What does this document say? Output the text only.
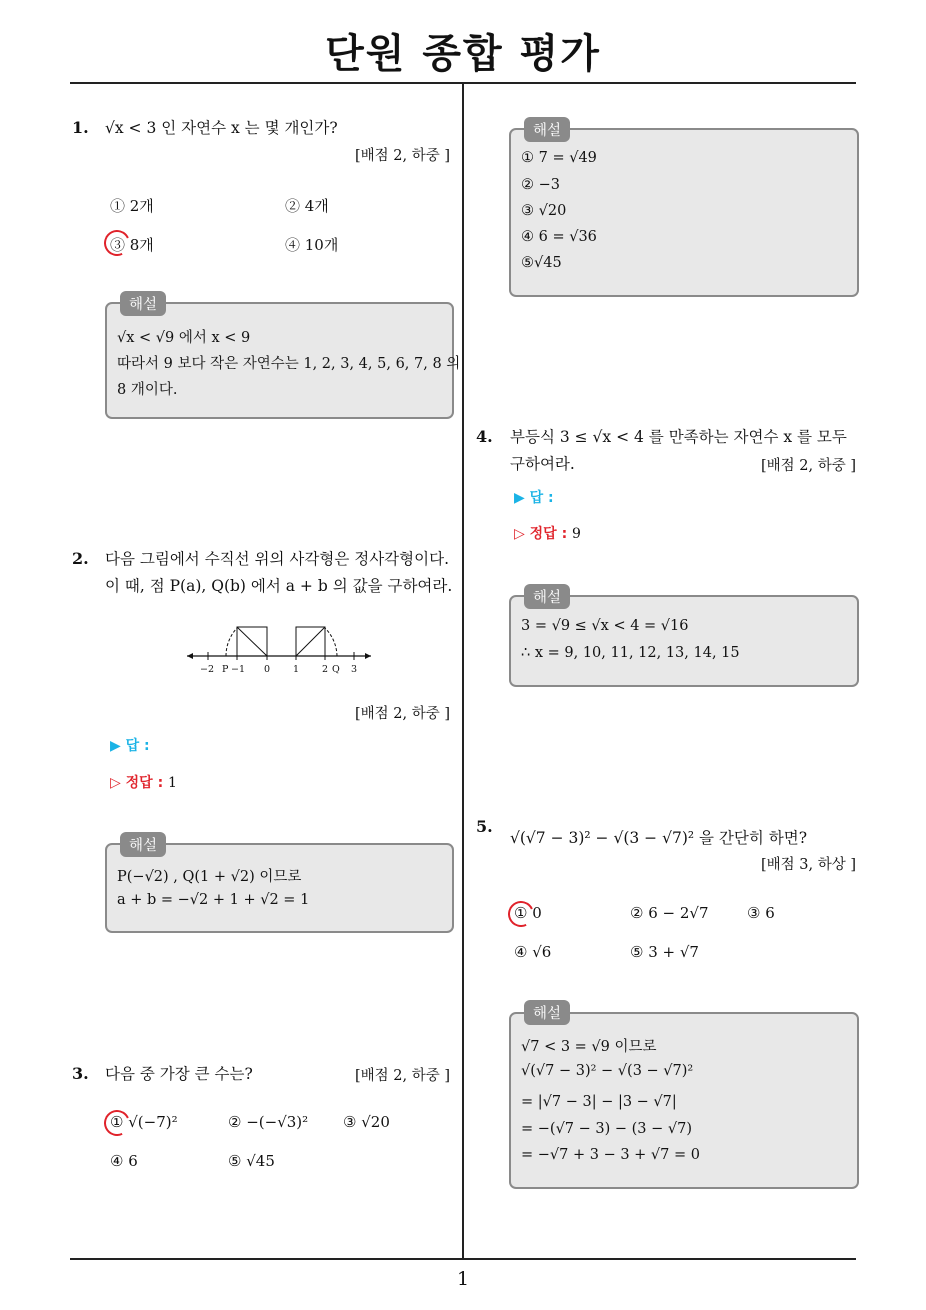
단원 종합 평가
1
1. √x < 3 인 자연수 x 는 몇 개인가?
[배점 2, 하중 ]
① 2개	② 4개
③ 8개	④ 10개
해설
√x < √9 에서 x < 9
따라서 9 보다 작은 자연수는 1, 2, 3, 4, 5, 6, 7, 8 의
8 개이다.
2. 다음 그림에서 수직선 위의 사각형은 정사각형이다.
이 때, 점 P(a), Q(b) 에서 a + b 의 값을 구하여라.
−2 P −1 0 1 2 Q 3
[배점 2, 하중 ]
▶ 답 :
▷ 정답 : 1
해설
P(−√2) , Q(1 + √2) 이므로
a + b = −√2 + 1 + √2 = 1
3. 다음 중 가장 큰 수는?	[배점 2, 하중 ]
① √(−7)²	② −(−√3)² ③ √20
④ 6	⑤ √45
해설
① 7 = √49
② −3
③ √20
④ 6 = √36
⑤√45
4. 부등식 3 ≤ √x < 4 를 만족하는 자연수 x 를 모두
구하여라.	[배점 2, 하중 ]
▶ 답 :
▷ 정답 : 9
해설
3 = √9 ≤ √x < 4 = √16
∴ x = 9, 10, 11, 12, 13, 14, 15
5.
√(√7 − 3)² − √(3 − √7)² 을 간단히 하면?
[배점 3, 하상 ]
① 0	② 6 − 2√7	③ 6
④ √6	⑤ 3 + √7
해설
√7 < 3 = √9 이므로
√(√7 − 3)² − √(3 − √7)²
= |√7 − 3| − |3 − √7|
= −(√7 − 3) − (3 − √7)
= −√7 + 3 − 3 + √7 = 0
